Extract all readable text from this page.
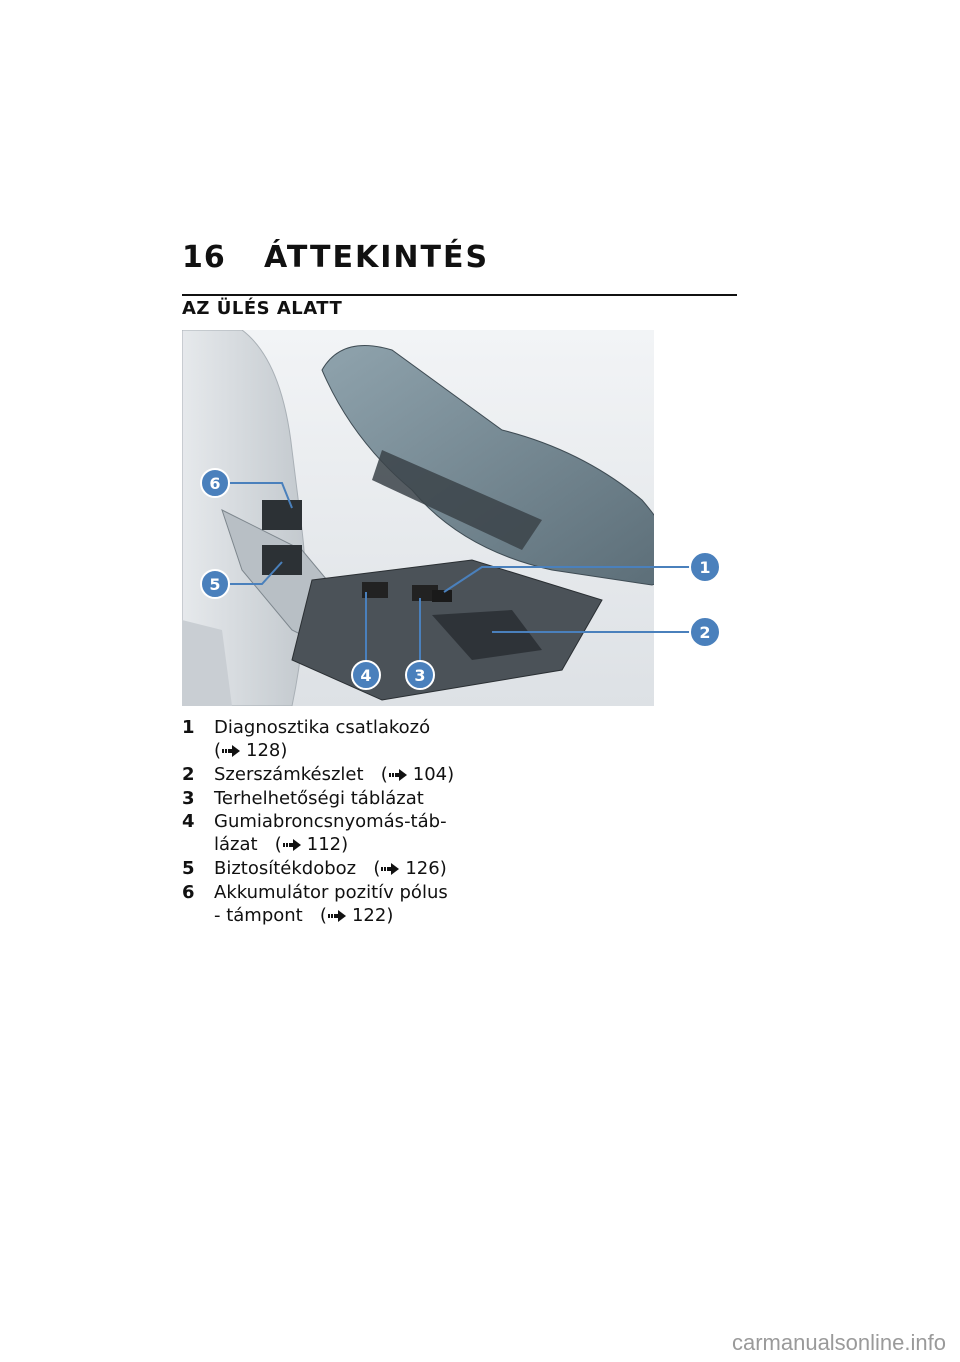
16 ÁTTEKINTÉS
AZ ÜLÉS ALATT
6
5
4	3
1
2
1 Diagnosztika csatlakozó
( 128)
2 Szerszámkészlet   ( 104)
3 Terhelhetőségi táblázat
4 Gumiabroncsnyomás-táb-
lázat   ( 112)
5 Biztosítékdoboz   ( 126)
6 Akkumulátor pozitív pólus
- támpont   ( 122)
carmanualsonline.info
